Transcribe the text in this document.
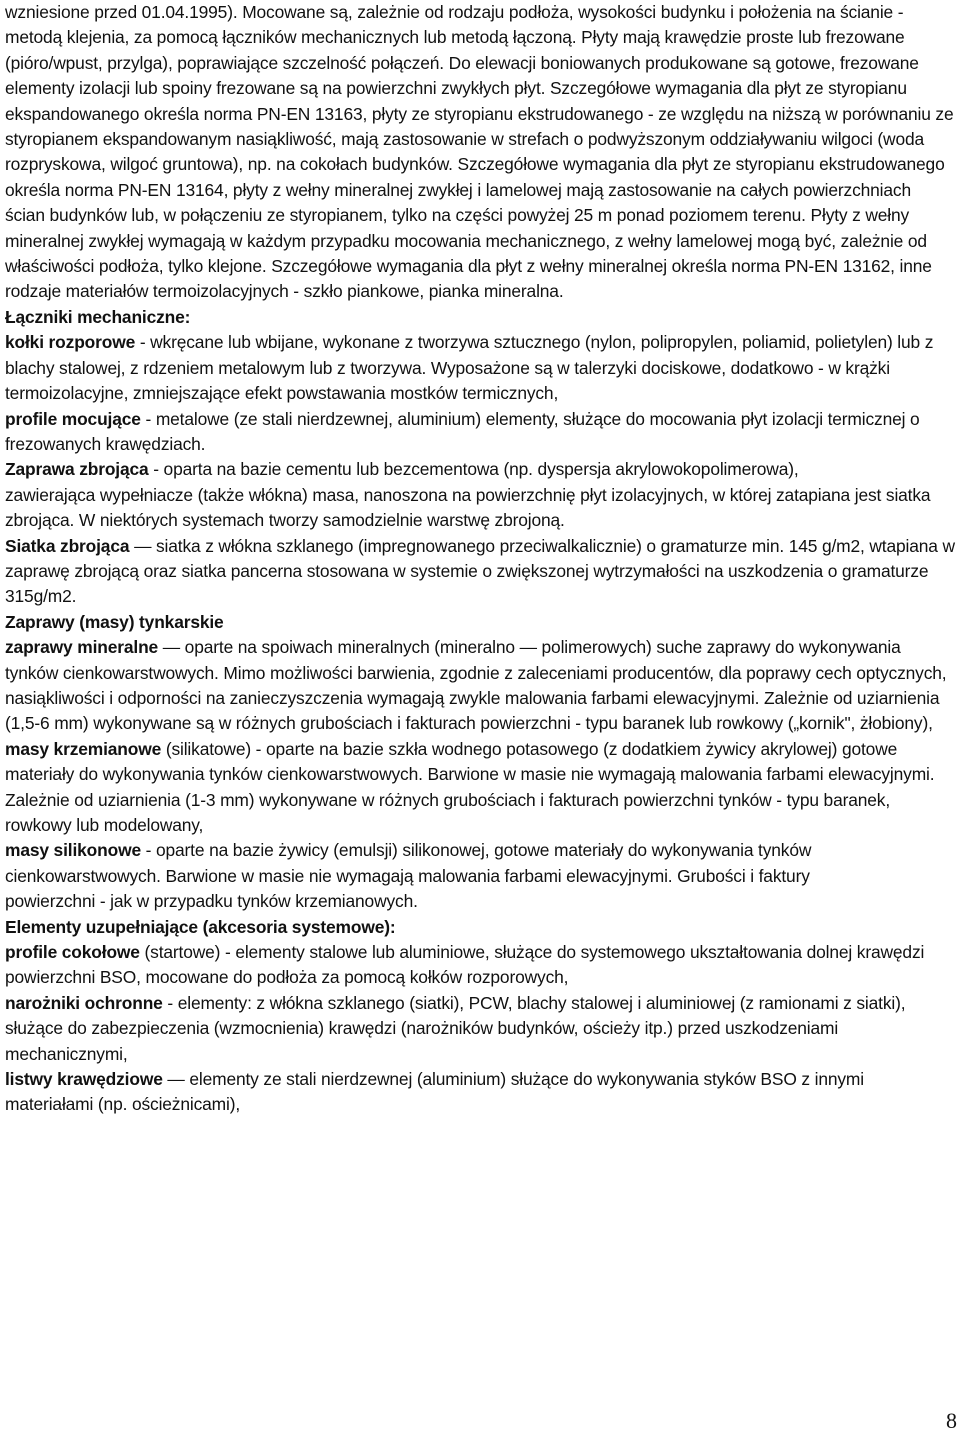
wzniesione przed 01.04.1995). Mocowane są, zależnie od rodzaju podłoża, wysokości budynku i położenia na ścianie - metodą klejenia, za pomocą łączników mechanicznych lub metodą łączoną. Płyty mają krawędzie proste lub frezowane (pióro/wpust, przylga), poprawiające szczelność połączeń. Do elewacji boniowanych produkowane są gotowe, frezowane elementy izolacji lub spoiny frezowane są na powierzchni zwykłych płyt. Szczegółowe wymagania dla płyt ze styropianu ekspandowanego określa norma PN-EN 13163, płyty ze styropianu ekstrudowanego - ze względu na niższą w porównaniu ze styropianem ekspandowanym nasiąkliwość, mają zastosowanie w strefach o podwyższonym oddziaływaniu wilgoci (woda rozpryskowa, wilgoć gruntowa), np. na cokołach budynków. Szczegółowe wymagania dla płyt ze styropianu ekstrudowanego określa norma PN-EN 13164, płyty z wełny mineralnej zwykłej i lamelowej mają zastosowanie na całych powierzchniach ścian budynków lub, w połączeniu ze styropianem, tylko na części powyżej 25 m ponad poziomem terenu. Płyty z wełny mineralnej zwykłej wymagają w każdym przypadku mocowania mechanicznego, z wełny lamelowej mogą być, zależnie od właściwości podłoża, tylko klejone. Szczegółowe wymagania dla płyt z wełny mineralnej określa norma PN-EN 13162, inne rodzaje materiałów termoizolacyjnych - szkło piankowe, pianka mineralna.

Łączniki mechaniczne:

kołki rozporowe - wkręcane lub wbijane, wykonane z tworzywa sztucznego (nylon, polipropylen, poliamid, polietylen) lub z blachy stalowej, z rdzeniem metalowym lub z tworzywa. Wyposażone są w talerzyki dociskowe, dodatkowo - w krążki termoizolacyjne, zmniejszające efekt powstawania mostków termicznych,

profile mocujące - metalowe (ze stali nierdzewnej, aluminium) elementy, służące do mocowania płyt izolacji termicznej o frezowanych krawędziach.

Zaprawa zbrojąca - oparta na bazie cementu lub bezcementowa (np. dyspersja akrylowokopolimerowa),

zawierająca wypełniacze (także włókna) masa, nanoszona na powierzchnię płyt izolacyjnych, w której zatapiana jest siatka zbrojąca. W niektórych systemach tworzy samodzielnie warstwę zbrojoną.

Siatka zbrojąca — siatka z włókna szklanego (impregnowanego przeciwalkalicznie) o gramaturze min. 145 g/m2, wtapiana w zaprawę zbrojącą oraz siatka pancerna stosowana w systemie o zwiększonej wytrzymałości na uszkodzenia o gramaturze 315g/m2.

Zaprawy (masy) tynkarskie

zaprawy mineralne — oparte na spoiwach mineralnych (mineralno — polimerowych) suche zaprawy do wykonywania tynków cienkowarstwowych. Mimo możliwości barwienia, zgodnie z zaleceniami producentów, dla poprawy cech optycznych, nasiąkliwości i odporności na zanieczyszczenia wymagają zwykle malowania farbami elewacyjnymi. Zależnie od uziarnienia (1,5-6 mm) wykonywane są w różnych grubościach i fakturach powierzchni - typu baranek lub rowkowy („kornik", żłobiony),

masy krzemianowe (silikatowe) - oparte na bazie szkła wodnego potasowego (z dodatkiem żywicy akrylowej) gotowe materiały do wykonywania tynków cienkowarstwowych. Barwione w masie nie wymagają malowania farbami elewacyjnymi. Zależnie od uziarnienia (1-3 mm) wykonywane w różnych grubościach i fakturach powierzchni tynków - typu baranek, rowkowy lub modelowany,

masy silikonowe - oparte na bazie żywicy (emulsji) silikonowej, gotowe materiały do wykonywania tynków cienkowarstwowych. Barwione w masie nie wymagają malowania farbami elewacyjnymi. Grubości i faktury

powierzchni - jak w przypadku tynków krzemianowych.

Elementy uzupełniające (akcesoria systemowe):

profile cokołowe (startowe) - elementy stalowe lub aluminiowe, służące do systemowego ukształtowania dolnej krawędzi powierzchni BSO, mocowane do podłoża za pomocą kołków rozporowych,

narożniki ochronne - elementy: z włókna szklanego (siatki), PCW, blachy stalowej i aluminiowej (z ramionami z siatki), służące do zabezpieczenia (wzmocnienia) krawędzi (narożników budynków, ościeży itp.) przed uszkodzeniami mechanicznymi,

listwy krawędziowe — elementy ze stali nierdzewnej (aluminium) służące do wykonywania styków BSO z innymi materiałami (np. ościeżnicami),

8
